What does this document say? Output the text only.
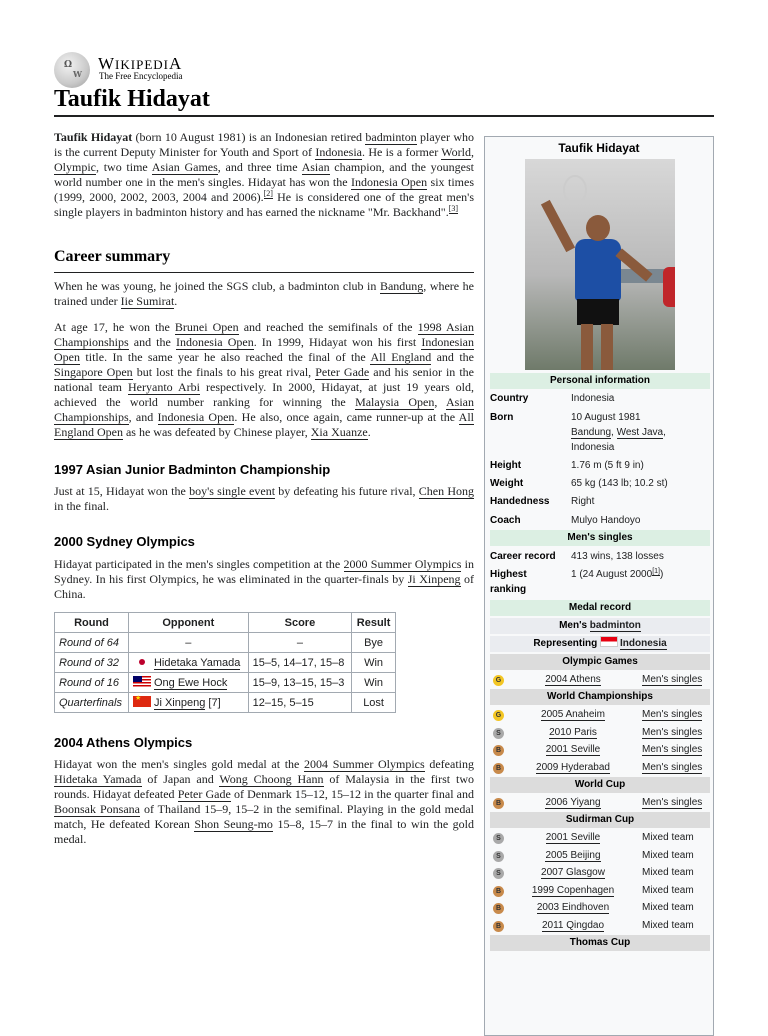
Ω
W
WIKIPEDIA
The Free Encyclopedia
Taufik Hidayat

Taufik Hidayat (born 10 August 1981) is an Indonesian retired badminton player who is the current Deputy Minister for Youth and Sport of Indonesia. He is a former World, Olympic, two time Asian Games, and three time Asian champion, and the youngest world number one in the men's singles. Hidayat has won the Indonesia Open six times (1999, 2000, 2002, 2003, 2004 and 2006).[2] He is considered one of the great men's single players in badminton history and has earned the nickname "Mr. Backhand".[3]

Career summary

When he was young, he joined the SGS club, a badminton club in Bandung, where he trained under Iie Sumirat.

At age 17, he won the Brunei Open and reached the semifinals of the 1998 Asian Championships and the Indonesia Open. In 1999, Hidayat won his first Indonesian Open title. In the same year he also reached the final of the All England and the Singapore Open but lost the finals to his great rival, Peter Gade and his senior in the national team Heryanto Arbi respectively. In 2000, Hidayat, at just 19 years old, achieved the world number ranking for winning the Malaysia Open, Asian Championships, and Indonesia Open. He also, once again, came runner-up at the All England Open as he was defeated by Chinese player, Xia Xuanze.

1997 Asian Junior Badminton Championship

Just at 15, Hidayat won the boy's single event by defeating his future rival, Chen Hong in the final.

2000 Sydney Olympics

Hidayat participated in the men's singles competition at the 2000 Summer Olympics in Sydney. In his first Olympics, he was eliminated in the quarter-finals by Ji Xinpeng of China.

Round	Opponent	Score	Result
Round of 64	–	–	Bye
Round of 32	Hidetaka Yamada	15–5, 14–17, 15–8	Win
Round of 16	Ong Ewe Hock	15–9, 13–15, 15–3	Win
Quarterfinals	★Ji Xinpeng [7]	12–15, 5–15	Lost
2004 Athens Olympics

Hidayat won the men's singles gold medal at the 2004 Summer Olympics defeating Hidetaka Yamada of Japan and Wong Choong Hann of Malaysia in the first two rounds. Hidayat defeated Peter Gade of Denmark 15–12, 15–12 in the quarter final and Boonsak Ponsana of Thailand 15–9, 15–2 in the semifinal. Playing in the gold medal match, He defeated Korean Shon Seung-mo 15–8, 15–7 in the final to win the gold medal.

Taufik Hidayat
Personal information
Country	Indonesia
Born	10 August 1981
Bandung, West Java,
Indonesia
Height	1.76 m (5 ft 9 in)
Weight	65 kg (143 lb; 10.2 st)
Handedness	Right
Coach	Mulyo Handoyo
Men's singles
Career record	413 wins, 138 losses
Highest ranking
1 (24 August 2000[1])
Medal record
Men's badminton
Representing Indonesia
Olympic Games
G	2004 Athens	Men's singles
World Championships
G	2005 Anaheim	Men's singles
S	2010 Paris	Men's singles
B	2001 Seville	Men's singles
B	2009 Hyderabad	Men's singles
World Cup
B	2006 Yiyang	Men's singles
Sudirman Cup
S	2001 Seville	Mixed team
S	2005 Beijing	Mixed team
S	2007 Glasgow	Mixed team
B	1999 Copenhagen	Mixed team
B	2003 Eindhoven	Mixed team
B	2011 Qingdao	Mixed team
Thomas Cup
